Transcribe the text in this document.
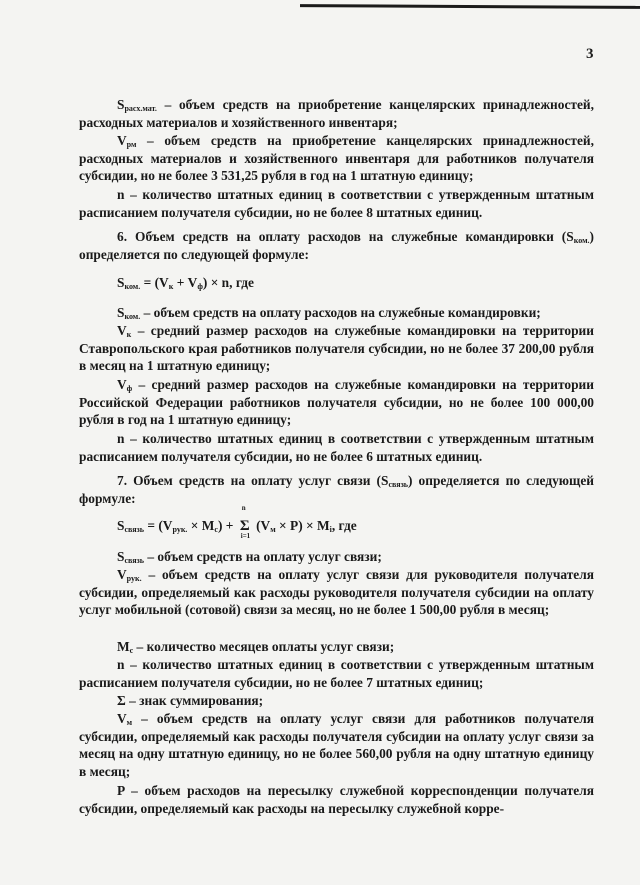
3
$S_{расх.мат.}$ – объем средств на приобретение канцелярских принадлежностей, расходных материалов и хозяйственного инвентаря;
$V_{рм}$ – объем средств на приобретение канцелярских принадлежностей, расходных материалов и хозяйственного инвентаря для работников получателя субсидии, но не более 3 531,25 рубля в год на 1 штатную единицу;
n – количество штатных единиц в соответствии с утвержденным штатным расписанием получателя субсидии, но не более 8 штатных единиц.
6. Объем средств на оплату расходов на служебные командировки $(S_{ком.})$ определяется по следующей формуле:
$S_{ком.} = (V_к + V_ф) \times n$, где
$S_{ком.}$ – объем средств на оплату расходов на служебные командировки;
$V_к$ – средний размер расходов на служебные командировки на территории Ставропольского края работников получателя субсидии, но не более 37 200,00 рубля в месяц на 1 штатную единицу;
$V_ф$ – средний размер расходов на служебные командировки на территории Российской Федерации работников получателя субсидии, но не более 100 000,00 рубля в год на 1 штатную единицу;
n – количество штатных единиц в соответствии с утвержденным штатным расписанием получателя субсидии, но не более 6 штатных единиц.
7. Объем средств на оплату услуг связи $(S_{связь})$ определяется по следующей формуле:
$S_{связь} = (V_{рук.} \times M_с)$ +
n
Σ
i=1
$(V_м \times P) \times M_i$, где
$S_{связь}$ – объем средств на оплату услуг связи;
$V_{рук.}$ – объем средств на оплату услуг связи для руководителя получателя субсидии, определяемый как расходы руководителя получателя субсидии на оплату услуг мобильной (сотовой) связи за месяц, но не более 1 500,00 рубля в месяц;
$M_с$ – количество месяцев оплаты услуг связи;
n – количество штатных единиц в соответствии с утвержденным штатным расписанием получателя субсидии, но не более 7 штатных единиц;
Σ – знак суммирования;
$V_м$ – объем средств на оплату услуг связи для работников получателя субсидии, определяемый как расходы получателя субсидии на оплату услуг связи за месяц на одну штатную единицу, но не более 560,00 рубля на одну штатную единицу в месяц;
P – объем расходов на пересылку служебной корреспонденции получателя субсидии, определяемый как расходы на пересылку служебной корре-
